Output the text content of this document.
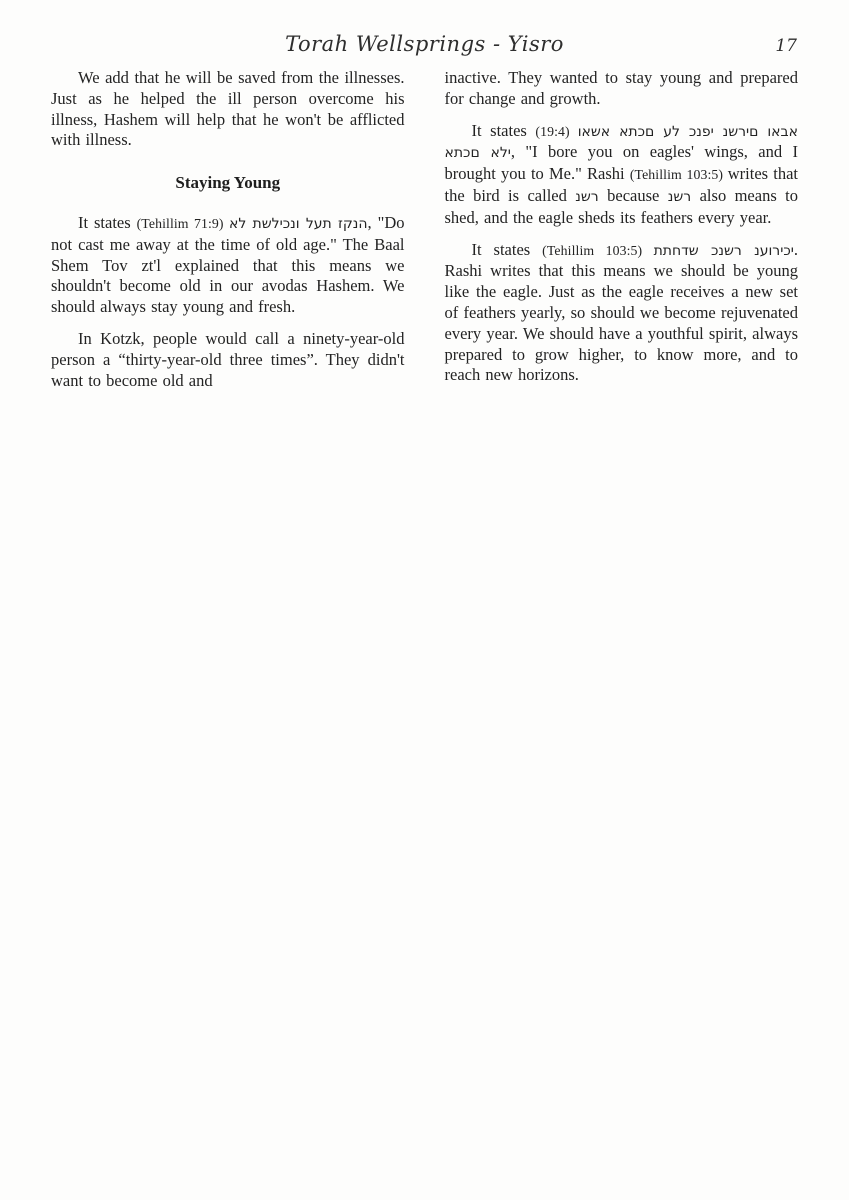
Torah Wellsprings - Yisro	17

We add that he will be saved from the illnesses. Just as he helped the ill person overcome his illness, Hashem will help that he won't be afflicted with illness.

Staying Young

It states (Tehillim 71:9) אל תשליכנו לעת זקנה, "Do not cast me away at the time of old age." The Baal Shem Tov zt'l explained that this means we shouldn't become old in our avodas Hashem. We should always stay young and fresh.

In Kotzk, people would call a ninety-year-old person a “thirty-year-old three times”. They didn't want to become old and

inactive. They wanted to stay young and prepared for change and growth.

It states (19:4) ואשא אתכם על כנפי נשרים ואבא אתכם אלי, "I bore you on eagles' wings, and I brought you to Me." Rashi (Tehillim 103:5) writes that the bird is called נשר because נשר also means to shed, and the eagle sheds its feathers every year.

It states (Tehillim 103:5) תתחדש כנשר נעוריכי. Rashi writes that this means we should be young like the eagle. Just as the eagle receives a new set of feathers yearly, so should we become rejuvenated every year. We should have a youthful spirit, always prepared to grow higher, to know more, and to reach new horizons.
